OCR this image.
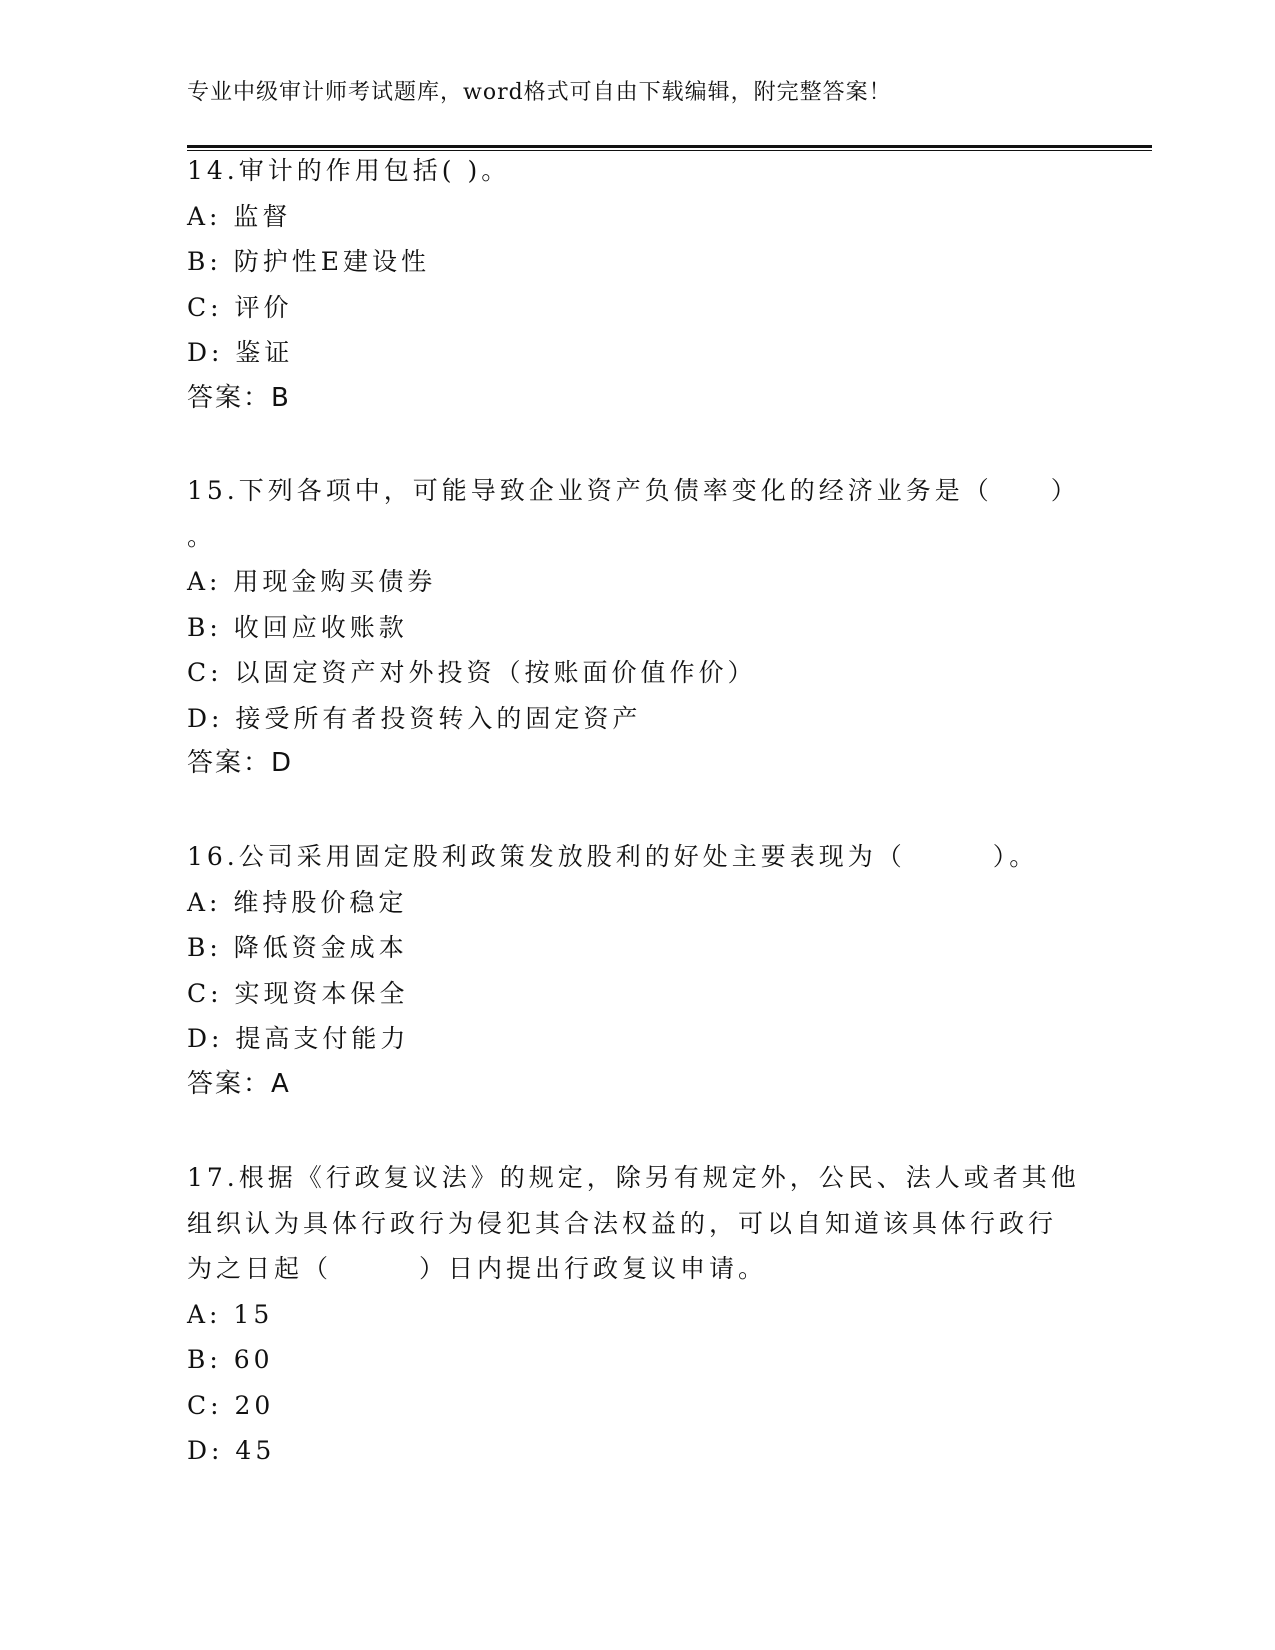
专业中级审计师考试题库，word格式可自由下载编辑，附完整答案！
14.审计的作用包括( )。
A: 监督
B: 防护性E建设性
C: 评价
D: 鉴证
答案：B
15.下列各项中，可能导致企业资产负债率变化的经济业务是（　　）
。
A: 用现金购买债券
B: 收回应收账款
C: 以固定资产对外投资（按账面价值作价）
D: 接受所有者投资转入的固定资产
答案：D
16.公司采用固定股利政策发放股利的好处主要表现为（　　　）。
A: 维持股价稳定
B: 降低资金成本
C: 实现资本保全
D: 提高支付能力
答案：A
17.根据《行政复议法》的规定，除另有规定外，公民、法人或者其他
组织认为具体行政行为侵犯其合法权益的，可以自知道该具体行政行
为之日起（　　　）日内提出行政复议申请。
A: 15
B: 60
C: 20
D: 45
